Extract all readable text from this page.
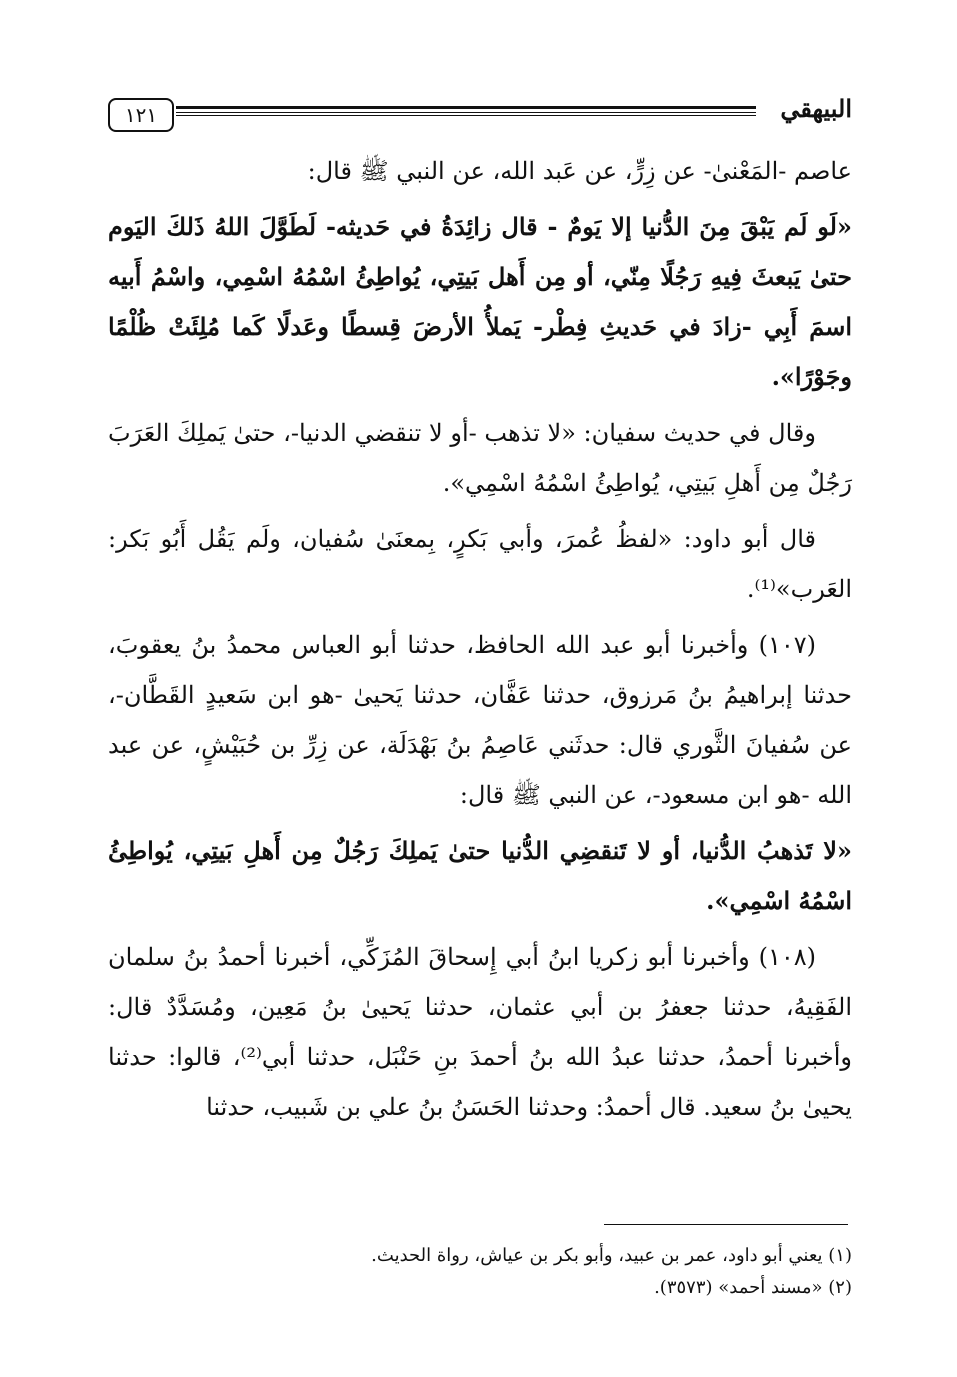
١٢١	البيهقي

عاصم -المَعْنىٰ- عن زِرٍّ، عن عَبد الله، عن النبي ﷺ قال:

«لَو لَم يَبْقَ مِنَ الدُّنيا إلا يَومٌ - قال زائِدَةُ في حَديثه- لَطَوَّلَ اللهُ ذَلكَ اليَوم حتىٰ يَبعثَ فِيهِ رَجُلًا مِنّي، أو مِن أَهل بَيتِي، يُواطِئُ اسْمُهُ اسْمِي، واسْمُ أَبيه اسمَ أَبِي -زادَ في حَديثِ فِطْر- يَملأُ الأرضَ قِسطًا وعَدلًا كَما مُلِئَتْ ظُلْمًا وجَوْرًا».

وقال في حديث سفيان: «لا تذهب -أو لا تنقضي الدنيا-، حتىٰ يَملِكَ العَرَبَ رَجُلٌ مِن أَهلِ بَيتِي، يُواطِئُ اسْمُهُ اسْمِي».

قال أبو داود: «لفظُ عُمرَ، وأبي بَكرٍ، بِمعنَىٰ سُفيان، ولَم يَقُل أَبُو بَكر: العَرب»⁽¹⁾.

(١٠٧) وأخبرنا أبو عبد الله الحافظ، حدثنا أبو العباس محمدُ بنُ يعقوبَ، حدثنا إبراهيمُ بنُ مَرزوق، حدثنا عَفَّان، حدثنا يَحيىٰ -هو ابن سَعيدٍ القَطَّان-، عن سُفيانَ الثَّوري قال: حدثَني عَاصِمُ بنُ بَهْدَلَة، عن زِرِّ بن حُبَيْشٍ، عن عبد الله -هو ابن مسعود-، عن النبي ﷺ قال:

«لا تَذهبُ الدُّنيا، أو لا تَنقضِي الدُّنيا حتىٰ يَملِكَ رَجُلٌ مِن أَهلِ بَيتِي، يُواطِئُ اسْمُهُ اسْمِي».

(١٠٨) وأخبرنا أبو زكريا ابنُ أبي إِسحاقَ المُزَكِّي، أخبرنا أحمدُ بنُ سلمان الفَقِيهُ، حدثنا جعفرُ بن أبي عثمان، حدثنا يَحيىٰ بنُ مَعِين، ومُسَدَّدٌ قال: وأخبرنا أحمدُ، حدثنا عبدُ الله بنُ أحمدَ بنِ حَنْبَل، حدثنا أبي⁽²⁾، قالوا: حدثنا يحيىٰ بنُ سعيد. قال أحمدُ: وحدثنا الحَسَنُ بنُ علي بن شَبيب، حدثنا

(١) يعني أبو داود، عمر بن عبيد، وأبو بكر بن عياش، رواة الحديث.

(٢) «مسند أحمد» (٣٥٧٣).
